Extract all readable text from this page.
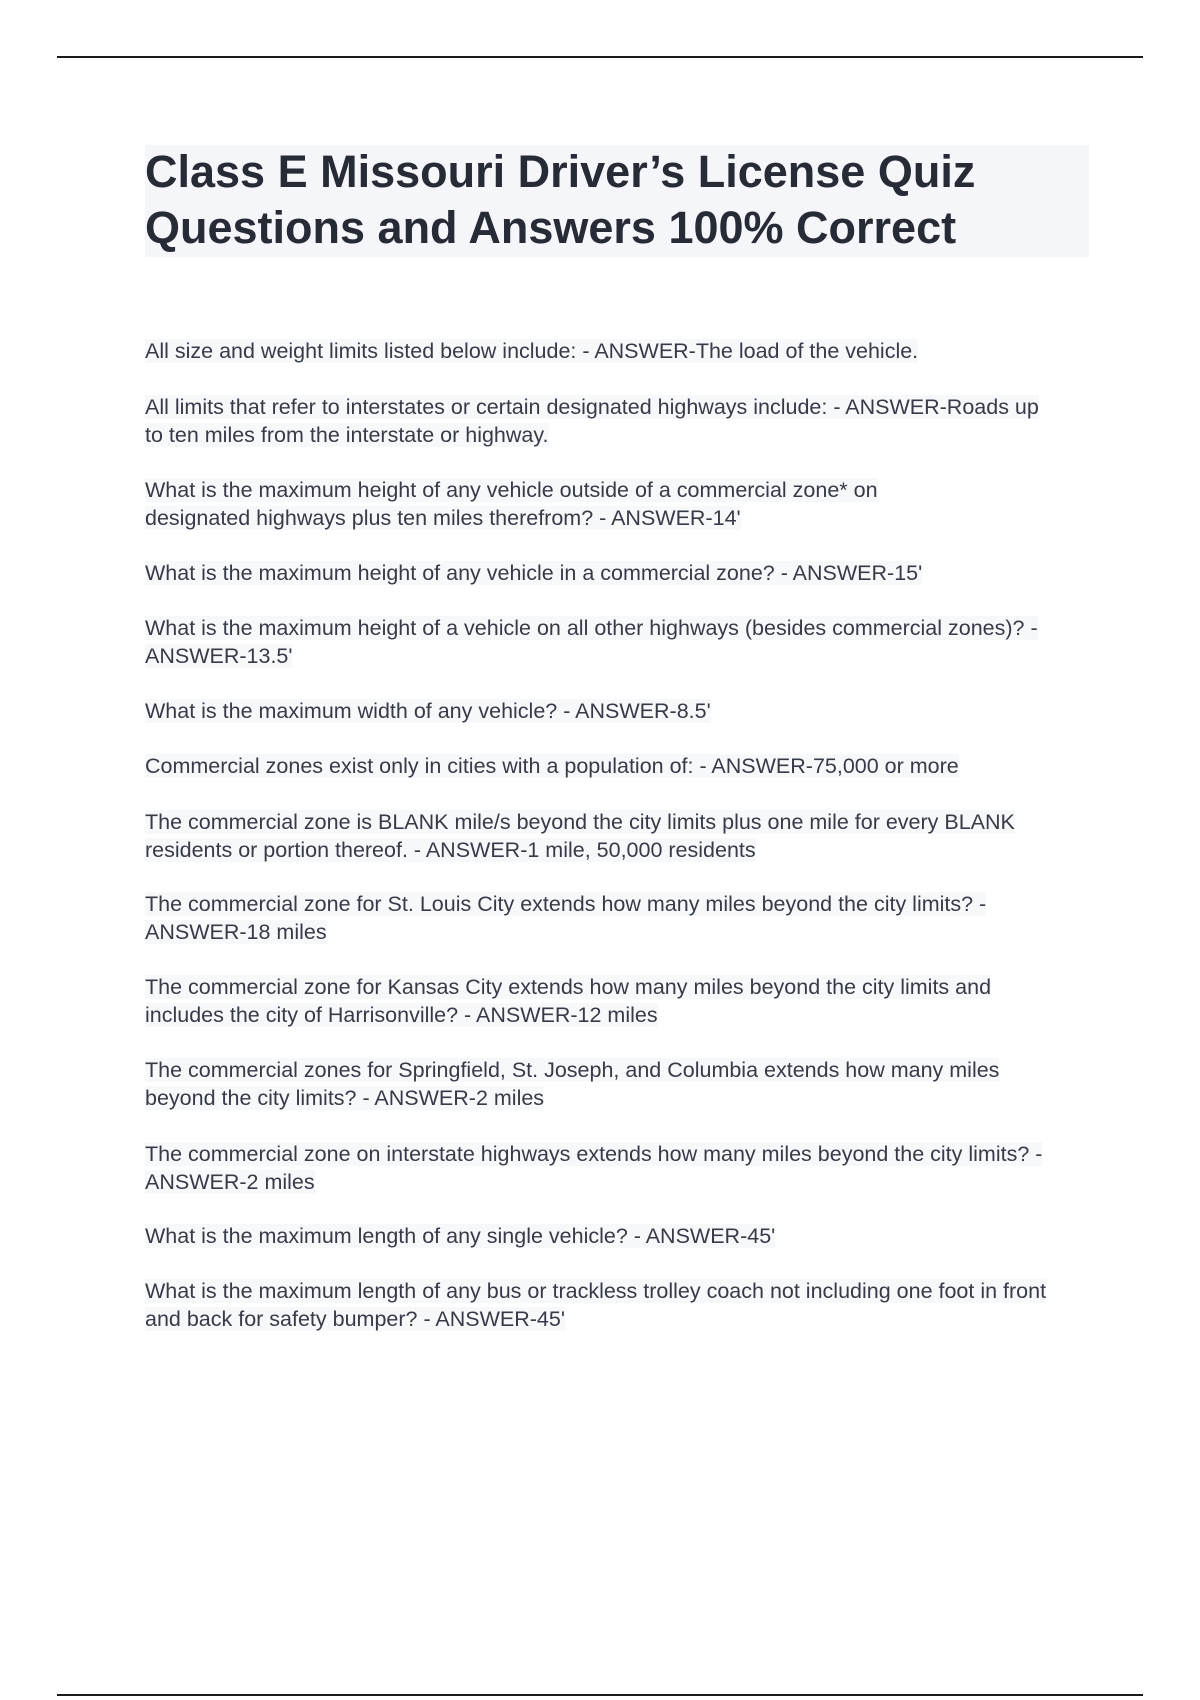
Class E Missouri Driver’s License Quiz Questions and Answers 100% Correct

All size and weight limits listed below include: - ANSWER-The load of the vehicle.

All limits that refer to interstates or certain designated highways include: - ANSWER-Roads up to ten miles from the interstate or highway.

What is the maximum height of any vehicle outside of a commercial zone* on designated highways plus ten miles therefrom? - ANSWER-14'

What is the maximum height of any vehicle in a commercial zone? - ANSWER-15'

What is the maximum height of a vehicle on all other highways (besides commercial zones)? - ANSWER-13.5'

What is the maximum width of any vehicle? - ANSWER-8.5'

Commercial zones exist only in cities with a population of: - ANSWER-75,000 or more

The commercial zone is BLANK mile/s beyond the city limits plus one mile for every BLANK residents or portion thereof. - ANSWER-1 mile, 50,000 residents

The commercial zone for St. Louis City extends how many miles beyond the city limits? - ANSWER-18 miles

The commercial zone for Kansas City extends how many miles beyond the city limits and includes the city of Harrisonville? - ANSWER-12 miles

The commercial zones for Springfield, St. Joseph, and Columbia extends how many miles beyond the city limits? - ANSWER-2 miles

The commercial zone on interstate highways extends how many miles beyond the city limits? - ANSWER-2 miles

What is the maximum length of any single vehicle? - ANSWER-45'

What is the maximum length of any bus or trackless trolley coach not including one foot in front and back for safety bumper? - ANSWER-45'
